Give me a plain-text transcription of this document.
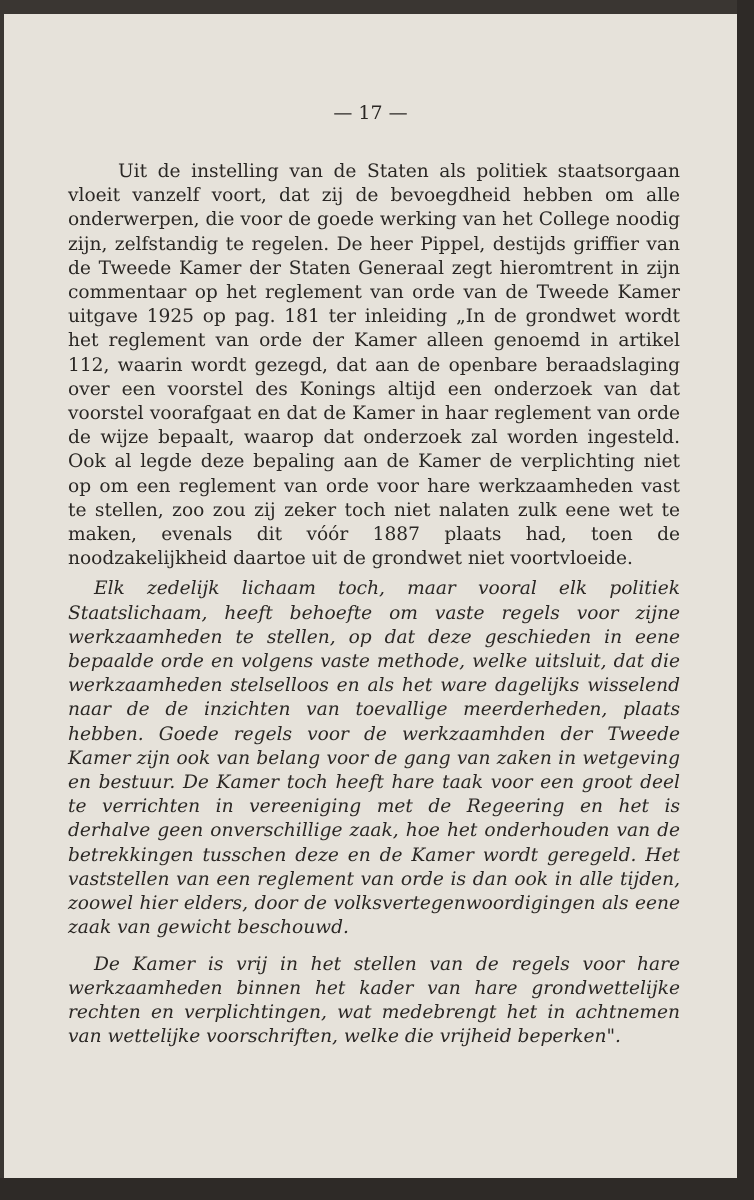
— 17 —

Uit de instelling van de Staten als politiek staatsorgaan vloeit vanzelf voort, dat zij de bevoegdheid hebben om alle onderwerpen, die voor de goede werking van het College noodig zijn, zelfstandig te regelen. De heer Pippel, destijds griffier van de Tweede Kamer der Staten Generaal zegt hieromtrent in zijn commentaar op het reglement van orde van de Tweede Kamer uitgave 1925 op pag. 181 ter inleiding „In de grondwet wordt het reglement van orde der Kamer alleen genoemd in artikel 112, waarin wordt gezegd, dat aan de openbare beraadslaging over een voorstel des Konings altijd een onderzoek van dat voorstel voorafgaat en dat de Kamer in haar reglement van orde de wijze bepaalt, waarop dat onderzoek zal worden ingesteld. Ook al legde deze bepaling aan de Kamer de verplichting niet op om een reglement van orde voor hare werkzaamheden vast te stellen, zoo zou zij zeker toch niet nalaten zulk eene wet te maken, evenals dit vóór 1887 plaats had, toen de noodzakelijkheid daartoe uit de grondwet niet voortvloeide.

Elk zedelijk lichaam toch, maar vooral elk politiek Staatslichaam, heeft behoefte om vaste regels voor zijne werkzaamheden te stellen, op dat deze geschieden in eene bepaalde orde en volgens vaste methode, welke uitsluit, dat die werkzaamheden stelselloos en als het ware dagelijks wisselend naar de de inzichten van toevallige meerderheden, plaats hebben. Goede regels voor de werkzaamhden der Tweede Kamer zijn ook van belang voor de gang van zaken in wetgeving en bestuur. De Kamer toch heeft hare taak voor een groot deel te verrichten in vereeniging met de Regeering en het is derhalve geen onverschillige zaak, hoe het onderhouden van de betrekkingen tusschen deze en de Kamer wordt geregeld. Het vaststellen van een reglement van orde is dan ook in alle tijden, zoowel hier elders, door de volksvertegenwoordigingen als eene zaak van gewicht beschouwd.

De Kamer is vrij in het stellen van de regels voor hare werkzaamheden binnen het kader van hare grondwettelijke rechten en verplichtingen, wat medebrengt het in achtnemen van wettelijke voorschriften, welke die vrijheid beperken".
